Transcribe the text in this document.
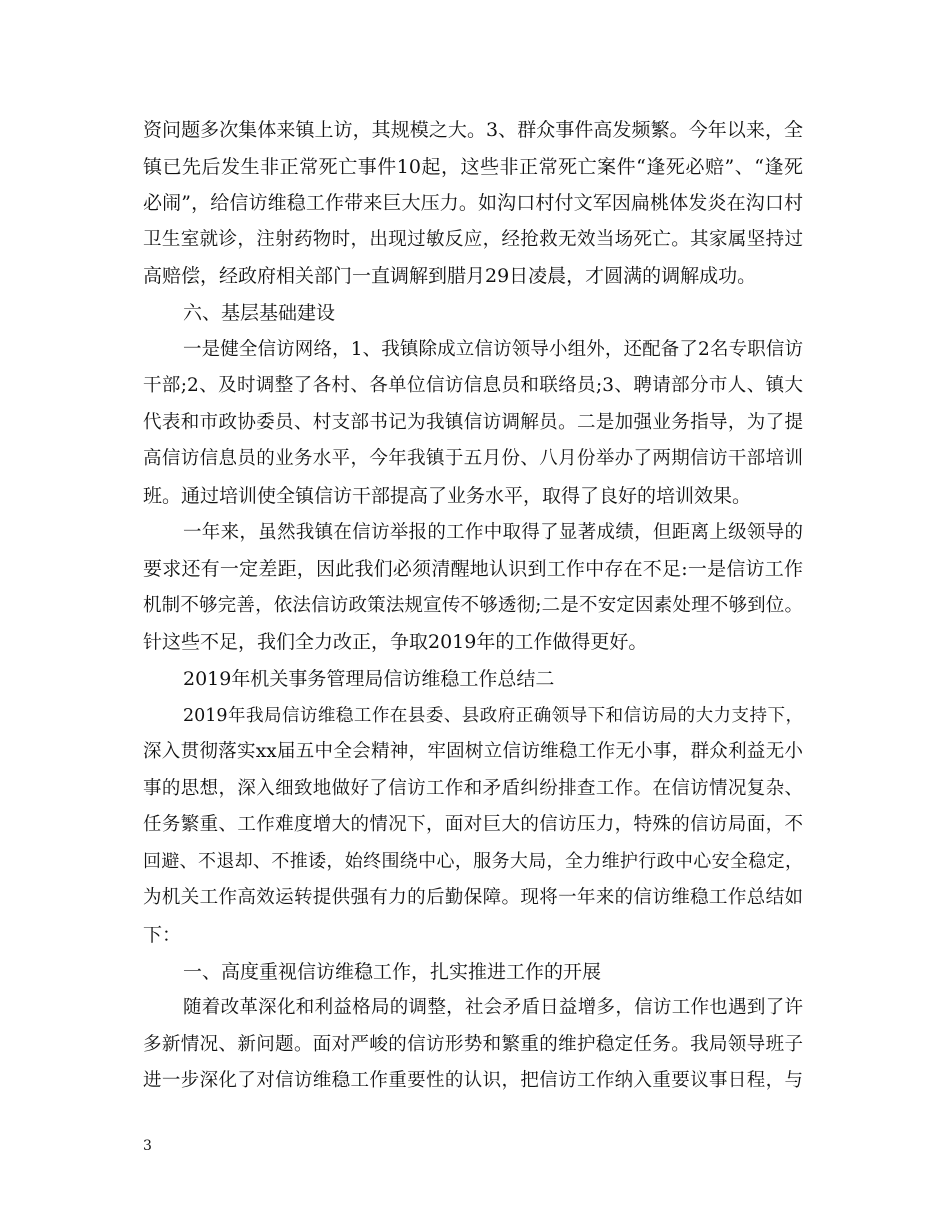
资问题多次集体来镇上访，其规模之大。3、群众事件高发频繁。今年以来，全
镇已先后发生非正常死亡事件10起，这些非正常死亡案件“逢死必赔”、“逢死
必闹”，给信访维稳工作带来巨大压力。如沟口村付文军因扁桃体发炎在沟口村
卫生室就诊，注射药物时，出现过敏反应，经抢救无效当场死亡。其家属坚持过
高赔偿，经政府相关部门一直调解到腊月29日凌晨，才圆满的调解成功。
六、基层基础建设
一是健全信访网络，1、我镇除成立信访领导小组外，还配备了2名专职信访
干部;2、及时调整了各村、各单位信访信息员和联络员;3、聘请部分市人、镇大
代表和市政协委员、村支部书记为我镇信访调解员。二是加强业务指导，为了提
高信访信息员的业务水平，今年我镇于五月份、八月份举办了两期信访干部培训
班。通过培训使全镇信访干部提高了业务水平，取得了良好的培训效果。
一年来，虽然我镇在信访举报的工作中取得了显著成绩，但距离上级领导的
要求还有一定差距，因此我们必须清醒地认识到工作中存在不足:一是信访工作
机制不够完善，依法信访政策法规宣传不够透彻;二是不安定因素处理不够到位。
针这些不足，我们全力改正，争取2019年的工作做得更好。
2019年机关事务管理局信访维稳工作总结二
2019年我局信访维稳工作在县委、县政府正确领导下和信访局的大力支持下，
深入贯彻落实xx届五中全会精神，牢固树立信访维稳工作无小事，群众利益无小
事的思想，深入细致地做好了信访工作和矛盾纠纷排查工作。在信访情况复杂、
任务繁重、工作难度增大的情况下，面对巨大的信访压力，特殊的信访局面，不
回避、不退却、不推诿，始终围绕中心，服务大局，全力维护行政中心安全稳定，
为机关工作高效运转提供强有力的后勤保障。现将一年来的信访维稳工作总结如
下：
一、高度重视信访维稳工作，扎实推进工作的开展
随着改革深化和利益格局的调整，社会矛盾日益增多，信访工作也遇到了许
多新情况、新问题。面对严峻的信访形势和繁重的维护稳定任务。我局领导班子
进一步深化了对信访维稳工作重要性的认识，把信访工作纳入重要议事日程，与
3
